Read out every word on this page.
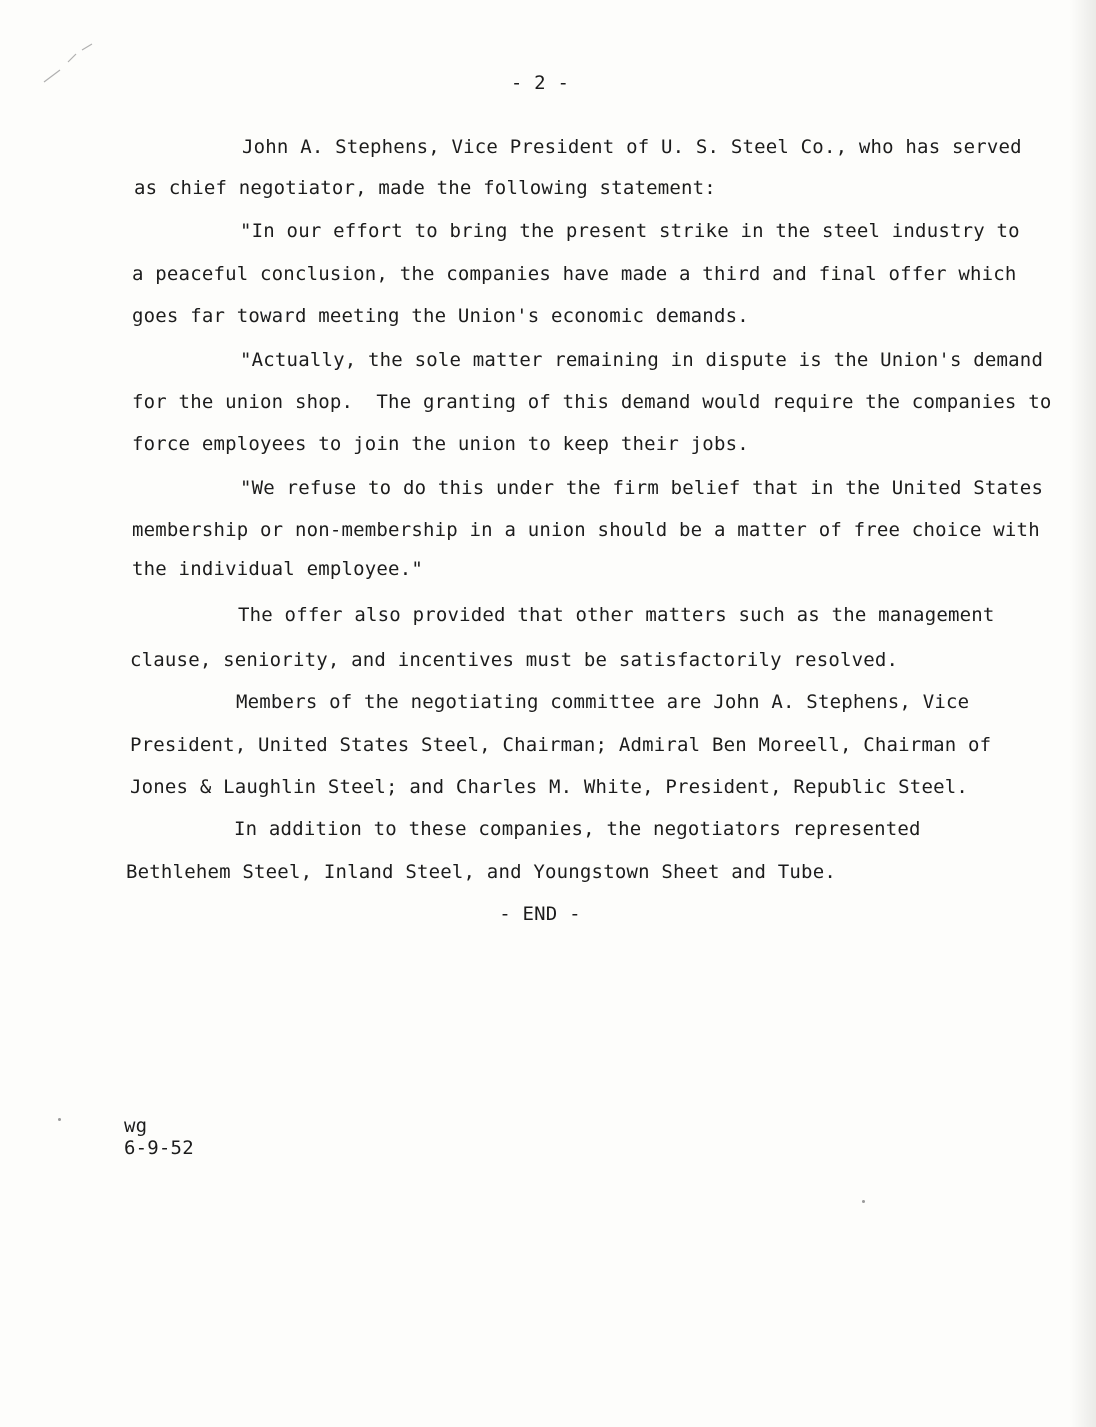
- 2 -
John A. Stephens, Vice President of U. S. Steel Co., who has served
as chief negotiator, made the following statement:
"In our effort to bring the present strike in the steel industry to
a peaceful conclusion, the companies have made a third and final offer which
goes far toward meeting the Union's economic demands.
"Actually, the sole matter remaining in dispute is the Union's demand
for the union shop.  The granting of this demand would require the companies to
force employees to join the union to keep their jobs.
"We refuse to do this under the firm belief that in the United States
membership or non-membership in a union should be a matter of free choice with
the individual employee."
The offer also provided that other matters such as the management
clause, seniority, and incentives must be satisfactorily resolved.
Members of the negotiating committee are John A. Stephens, Vice
President, United States Steel, Chairman; Admiral Ben Moreell, Chairman of
Jones & Laughlin Steel; and Charles M. White, President, Republic Steel.
In addition to these companies, the negotiators represented
Bethlehem Steel, Inland Steel, and Youngstown Sheet and Tube.
- END -
wg
6-9-52
